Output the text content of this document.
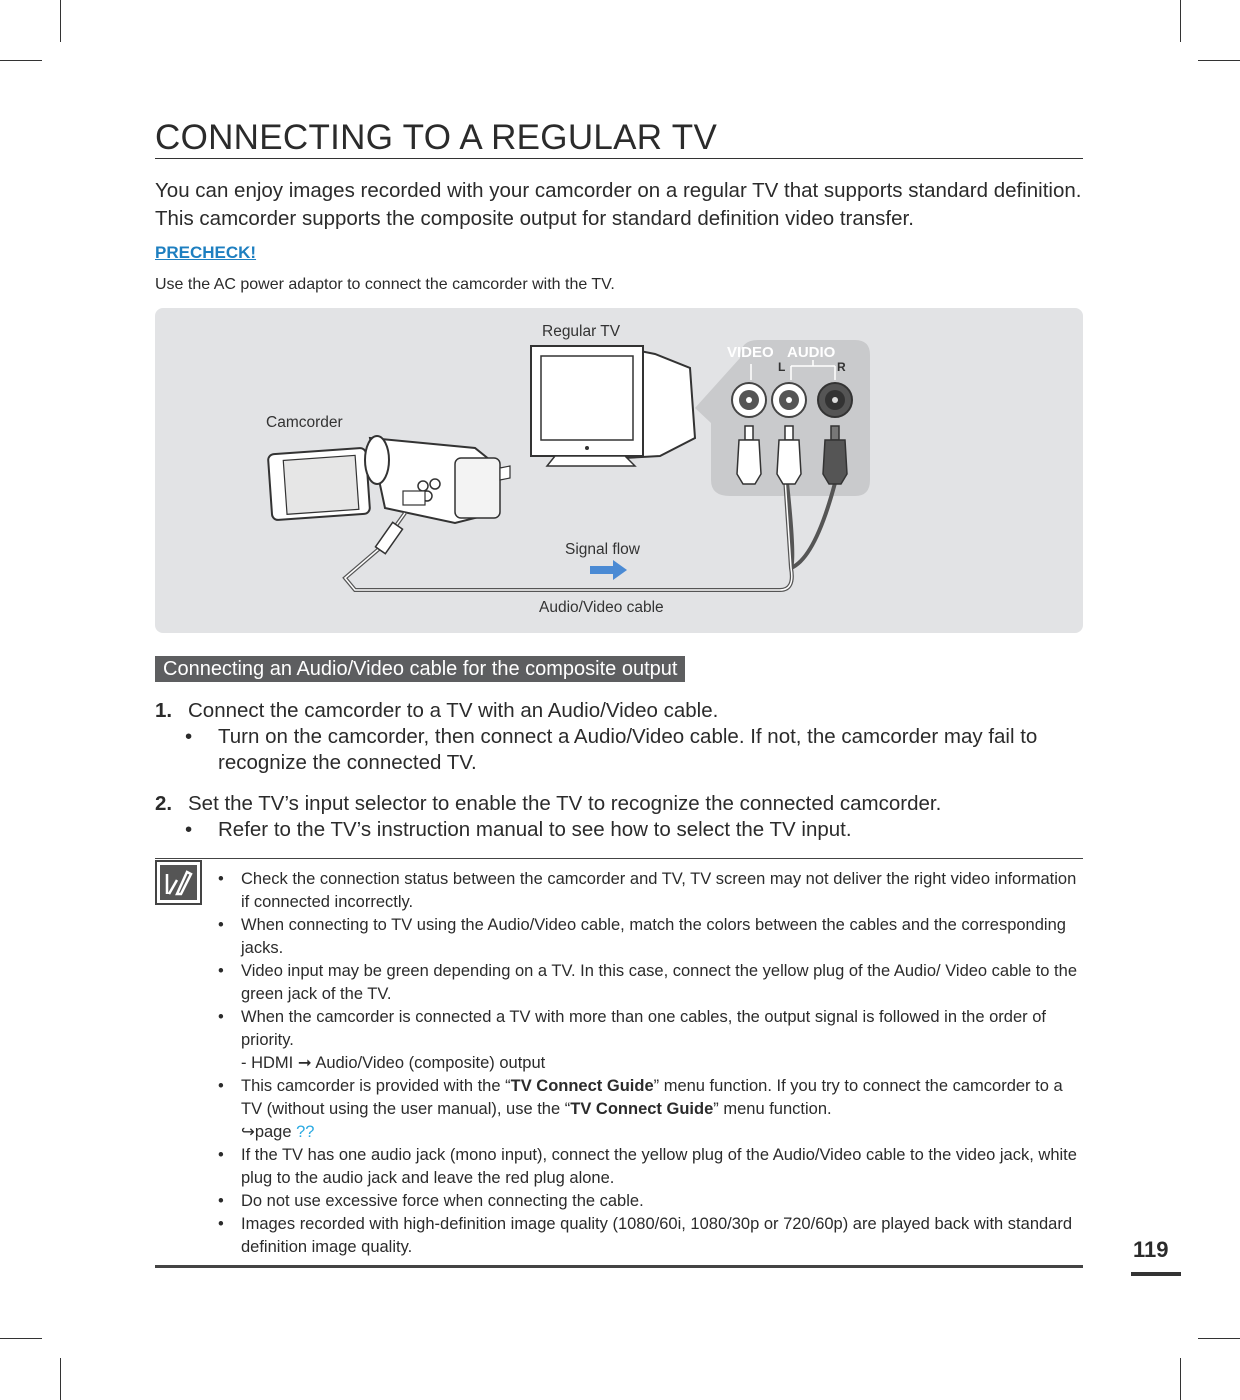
CONNECTING TO A REGULAR TV
You can enjoy images recorded with your camcorder on a regular TV that supports standard definition. This camcorder supports the composite output for standard definition video transfer.
PRECHECK!
Use the AC power adaptor to connect the camcorder with the TV.
Regular TV
Camcorder
Signal flow
Audio/Video cable
VIDEO AUDIO
L	R
Connecting an Audio/Video cable for the composite output
1. Connect the camcorder to a TV with an Audio/Video cable.
• Turn on the camcorder, then connect a Audio/Video cable. If not, the camcorder may fail to recognize the connected TV.
2. Set the TV’s input selector to enable the TV to recognize the connected camcorder.
• Refer to the TV’s instruction manual to see how to select the TV input.
• Check the connection status between the camcorder and TV, TV screen may not deliver the right video information if connected incorrectly.
• When connecting to TV using the Audio/Video cable, match the colors between the cables and the corresponding jacks.
• Video input may be green depending on a TV. In this case, connect the yellow plug of the Audio/ Video cable to the green jack of the TV.
• When the camcorder is connected a TV with more than one cables, the output signal is followed in the order of priority.
- HDMI ➞ Audio/Video (composite) output
• This camcorder is provided with the “TV Connect Guide” menu function. If you try to connect the camcorder to a TV (without using the user manual), use the “TV Connect Guide” menu function.
↪page ??
• If the TV has one audio jack (mono input), connect the yellow plug of the Audio/Video cable to the video jack, white plug to the audio jack and leave the red plug alone.
• Do not use excessive force when connecting the cable.
• Images recorded with high-definition image quality (1080/60i, 1080/30p or 720/60p) are played back with standard definition image quality.	119
